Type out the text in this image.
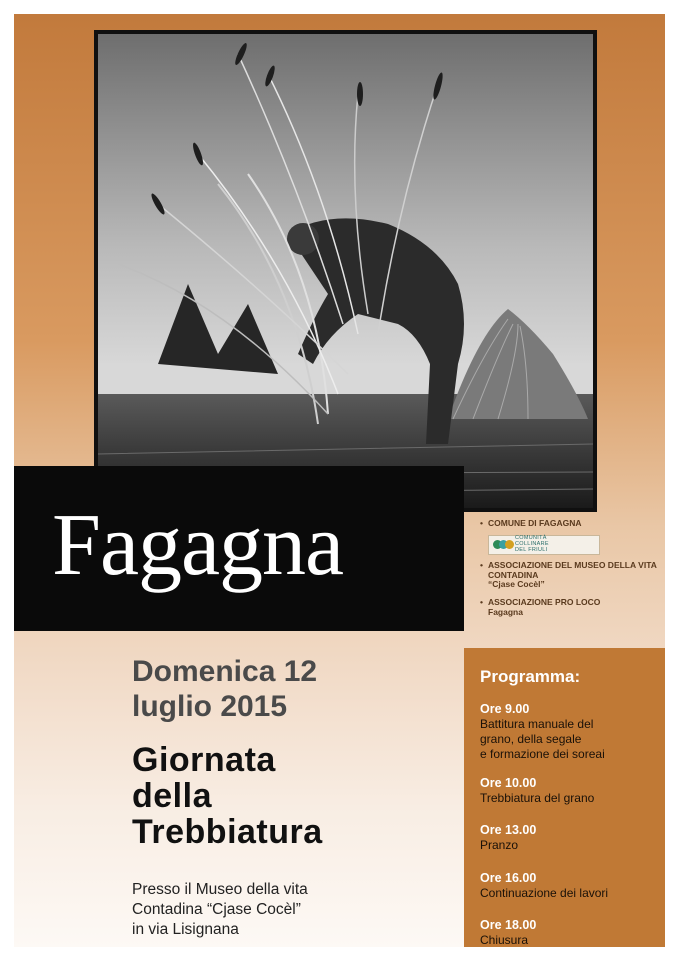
Fagagna	• COMUNE DI FAGAGNA
COMUNITÀ
COLLINARE
DEL FRIULI
• ASSOCIAZIONE DEL MUSEO DELLA VITA CONTADINA
“Cjase Cocèl”
• ASSOCIAZIONE PRO LOCO
Fagagna
Domenica 12
luglio 2015
Giornata
della
Trebbiatura
Presso il Museo della vita
Contadina “Cjase Cocèl”
in via Lisignana
Programma:
Ore 9.00
Battitura manuale del
grano, della segale
e formazione dei soreai
Ore 10.00
Trebbiatura del grano
Ore 13.00
Pranzo
Ore 16.00
Continuazione dei lavori
Ore 18.00
Chiusura
